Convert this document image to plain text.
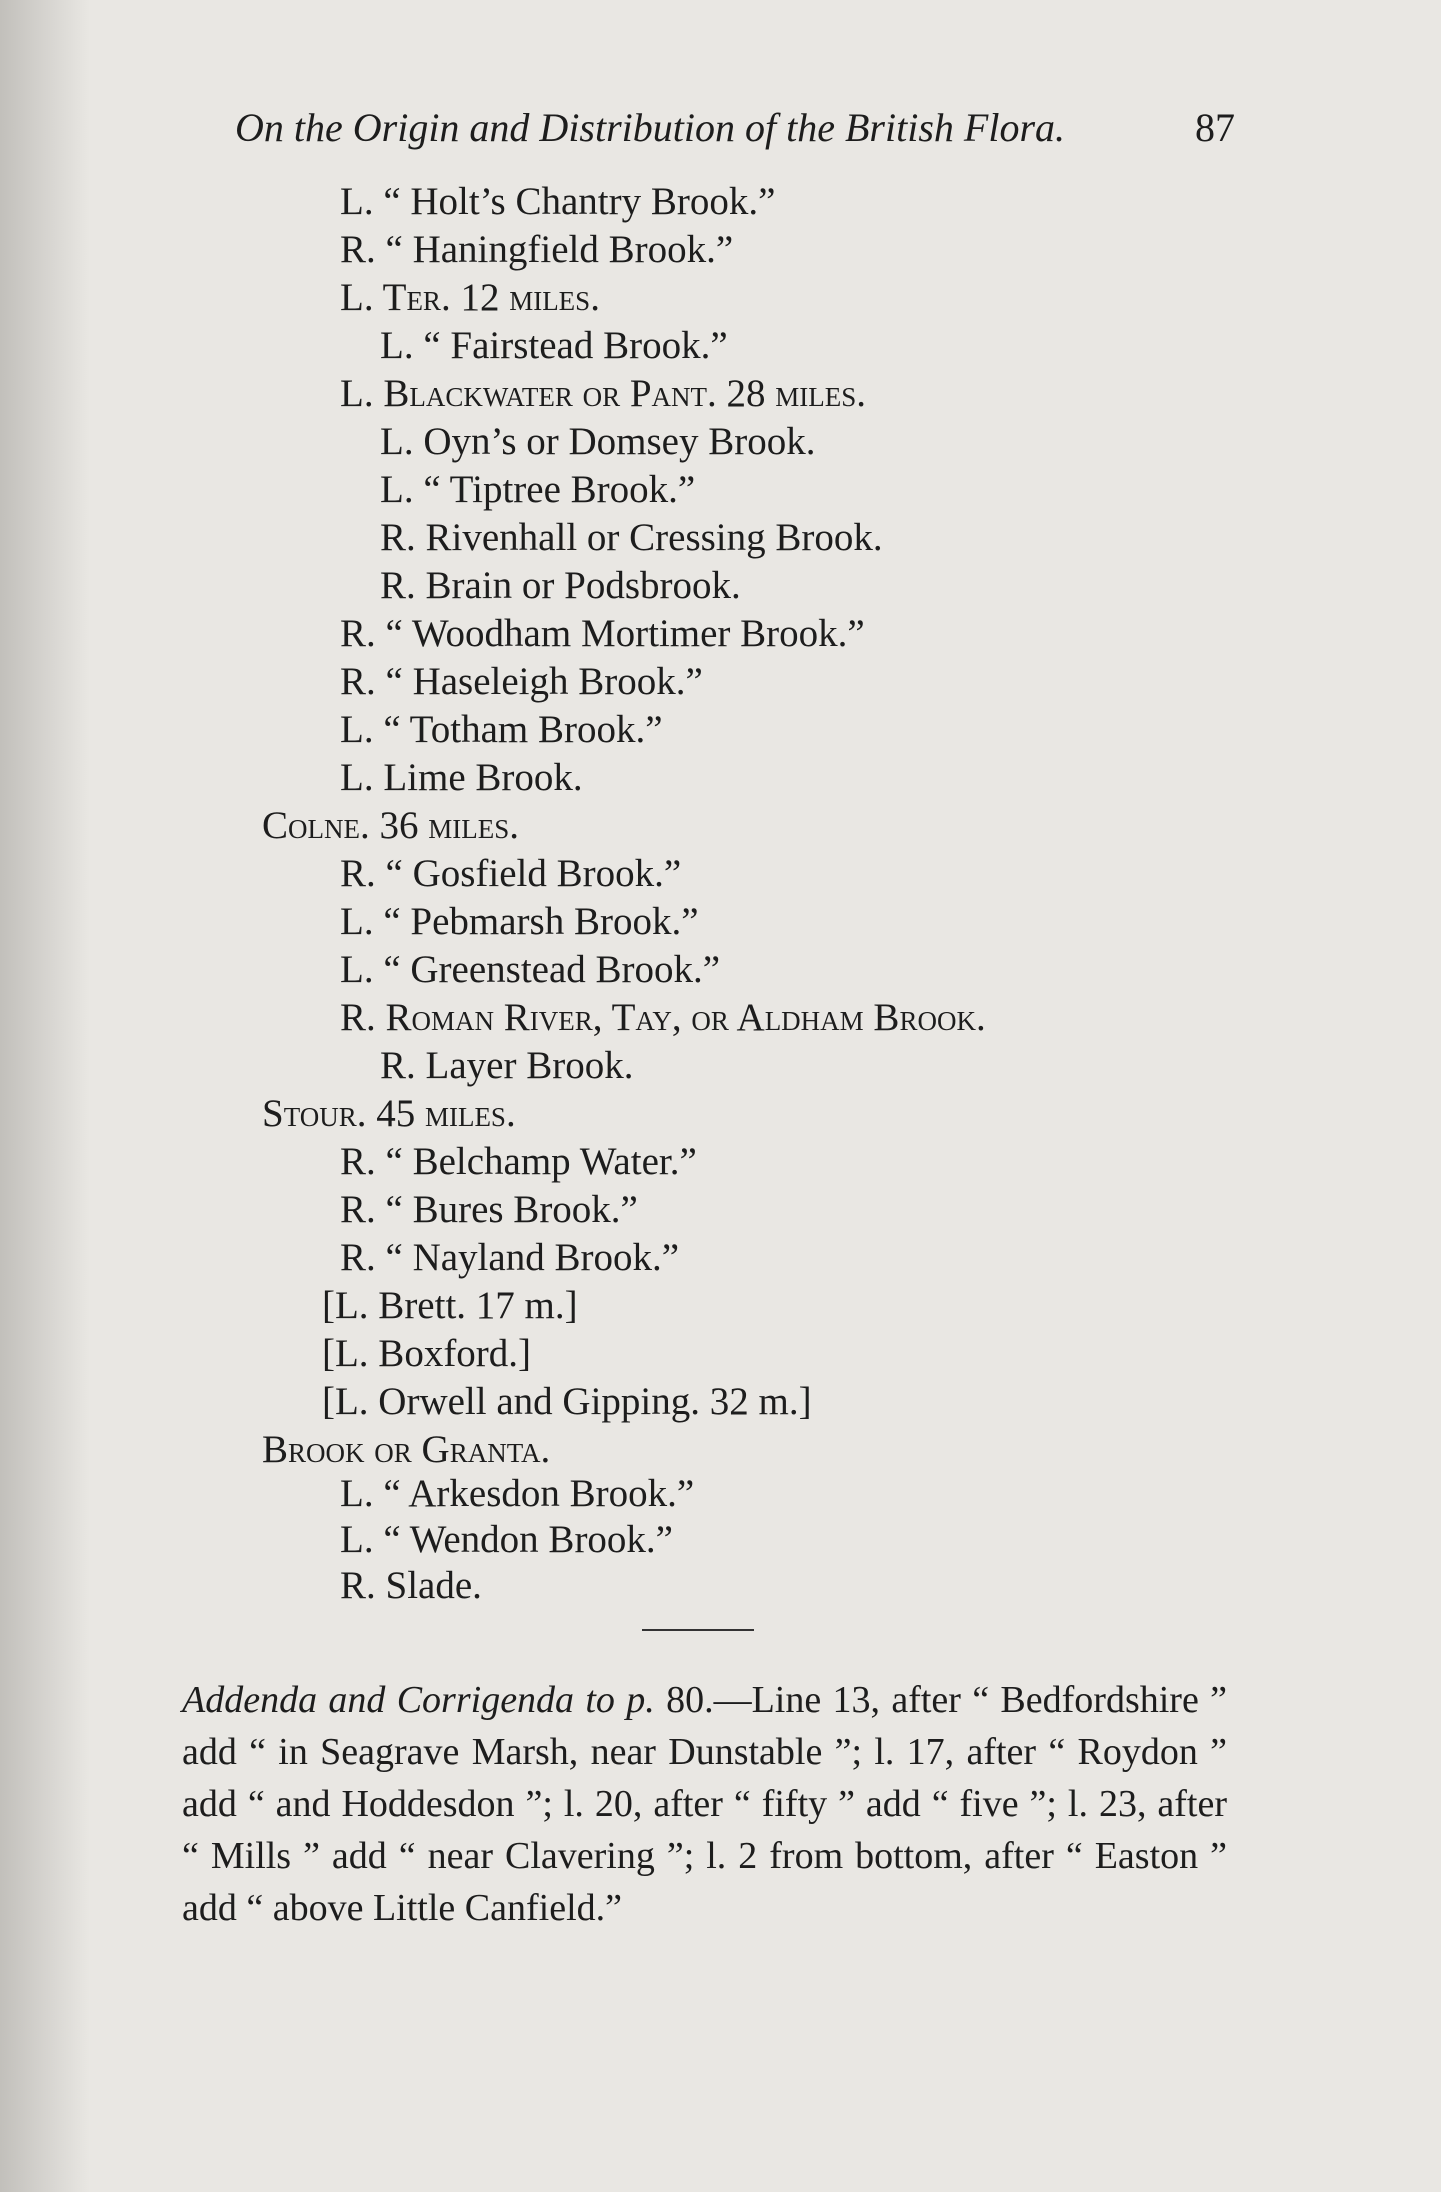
On the Origin and Distribution of the British Flora.	87
L. “ Holt’s Chantry Brook.”
R. “ Haningfield Brook.”
L. Ter. 12 miles.
L. “ Fairstead Brook.”
L. Blackwater or Pant. 28 miles.
L. Oyn’s or Domsey Brook.
L. “ Tiptree Brook.”
R. Rivenhall or Cressing Brook.
R. Brain or Podsbrook.
R. “ Woodham Mortimer Brook.”
R. “ Haseleigh Brook.”
L. “ Totham Brook.”
L. Lime Brook.
Colne. 36 miles.
R. “ Gosfield Brook.”
L. “ Pebmarsh Brook.”
L. “ Greenstead Brook.”
R. Roman River, Tay, or Aldham Brook.
R. Layer Brook.
Stour. 45 miles.
R. “ Belchamp Water.”
R. “ Bures Brook.”
R. “ Nayland Brook.”
[L. Brett. 17 m.]
[L. Boxford.]
[L. Orwell and Gipping. 32 m.]
Brook or Granta.
L. “ Arkesdon Brook.”
L. “ Wendon Brook.”
Addenda and Corrigenda to p. 80.—Line 13, after “ Bedfordshire ” add “ in Seagrave Marsh, near Dunstable ”; l. 17, after “ Roydon ” add “ and Hoddesdon ”; l. 20, after “ fifty ” add “ five ”; l. 23, after “ Mills ” add “ near Clavering ”; l. 2 from bottom, after “ Easton ” add “ above Little Canfield.”
R. Slade.
